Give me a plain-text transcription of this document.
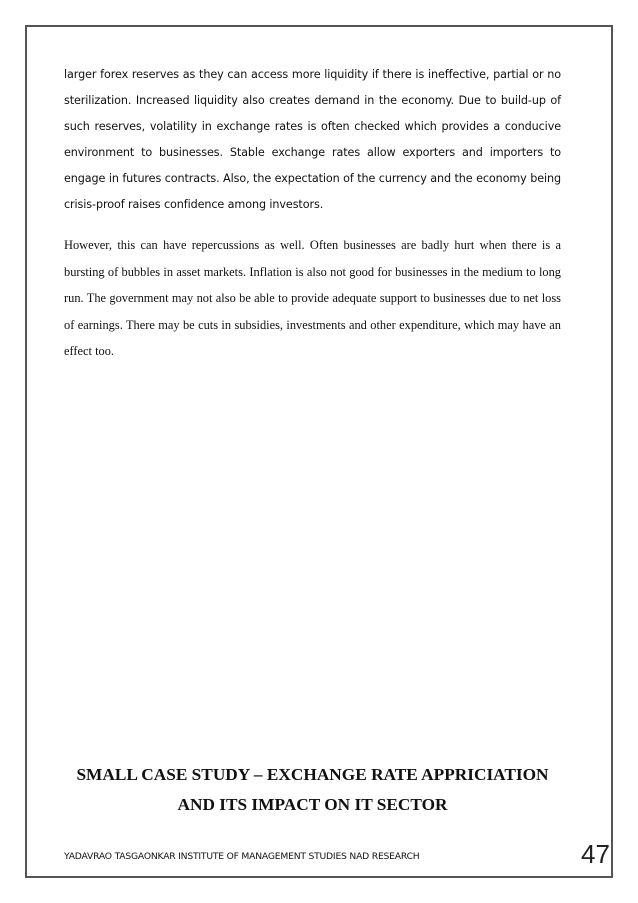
larger forex reserves as they can access more liquidity if there is ineffective, partial or no sterilization. Increased liquidity also creates demand in the economy. Due to build-up of such reserves, volatility in exchange rates is often checked which provides a conducive environment to businesses. Stable exchange rates allow exporters and importers to engage in futures contracts. Also, the expectation of the currency and the economy being crisis-proof raises confidence among investors.

However, this can have repercussions as well. Often businesses are badly hurt when there is a bursting of bubbles in asset markets. Inflation is also not good for businesses in the medium to long run. The government may not also be able to provide adequate support to businesses due to net loss of earnings. There may be cuts in subsidies, investments and other expenditure, which may have an effect too.

SMALL CASE STUDY – EXCHANGE RATE APPRICIATION
AND ITS IMPACT ON IT SECTOR
YADAVRAO TASGAONKAR INSTITUTE OF MANAGEMENT STUDIES NAD RESEARCH	47
